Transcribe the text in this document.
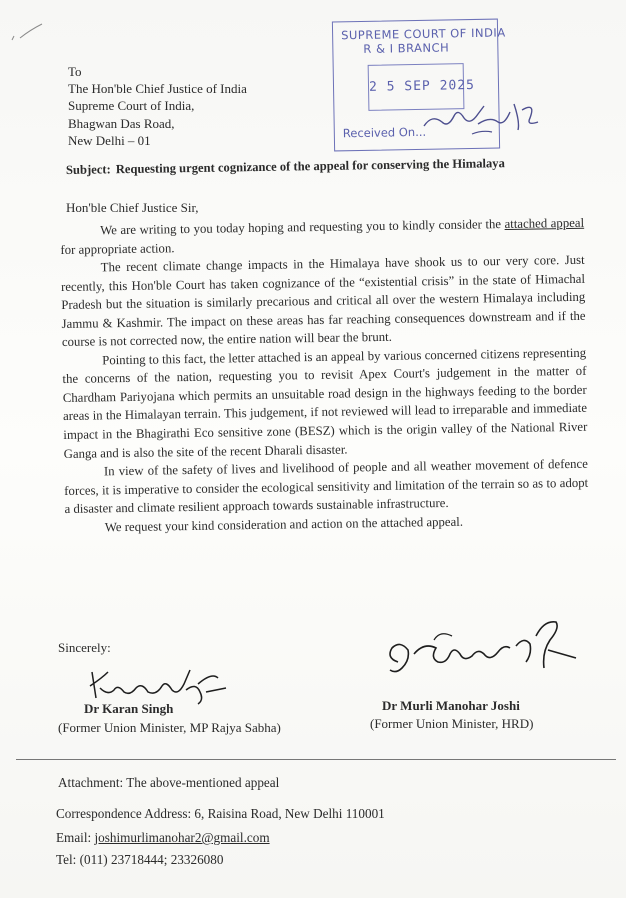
To
The Hon'ble Chief Justice of India
Supreme Court of India,
Bhagwan Das Road,
New Delhi – 01
SUPREME COURT OF INDIA
R & I BRANCH
2 5 SEP 2025
Received On...
Subject: Requesting urgent cognizance of the appeal for conserving the Himalaya
Hon'ble Chief Justice Sir,

We are writing to you today hoping and requesting you to kindly consider the attached appeal for appropriate action.

The recent climate change impacts in the Himalaya have shook us to our very core. Just recently, this Hon'ble Court has taken cognizance of the “existential crisis” in the state of Himachal Pradesh but the situation is similarly precarious and critical all over the western Himalaya including Jammu & Kashmir. The impact on these areas has far reaching consequences downstream and if the course is not corrected now, the entire nation will bear the brunt.

Pointing to this fact, the letter attached is an appeal by various concerned citizens representing the concerns of the nation, requesting you to revisit Apex Court's judgement in the matter of Chardham Pariyojana which permits an unsuitable road design in the highways feeding to the border areas in the Himalayan terrain. This judgement, if not reviewed will lead to irreparable and immediate impact in the Bhagirathi Eco sensitive zone (BESZ) which is the origin valley of the National River Ganga and is also the site of the recent Dharali disaster.

In view of the safety of lives and livelihood of people and all weather movement of defence forces, it is imperative to consider the ecological sensitivity and limitation of the terrain so as to adopt a disaster and climate resilient approach towards sustainable infrastructure.

We request your kind consideration and action on the attached appeal.

Sincerely:
Dr Karan Singh
(Former Union Minister, MP Rajya Sabha)
Dr Murli Manohar Joshi
(Former Union Minister, HRD)
Attachment: The above-mentioned appeal
Correspondence Address: 6, Raisina Road, New Delhi 110001
Email: joshimurlimanohar2@gmail.com
Tel: (011) 23718444; 23326080
